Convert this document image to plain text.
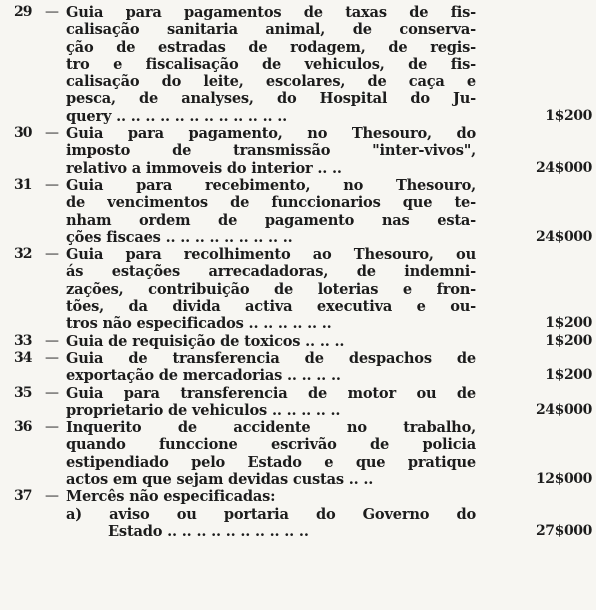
29 — Guia para pagamentos de taxas de fis-
calisação sanitaria animal, de conserva-
ção de estradas de rodagem, de regis-
tro e fiscalisação de vehiculos, de fis-
calisação do leite, escolares, de caça e
pesca, de analyses, do Hospital do Ju-
query .. .. .. .. .. .. .. .. .. .. .. ..	1$200
30 — Guia para pagamento, no Thesouro, do
imposto de transmissão "inter-vivos",
relativo a immoveis do interior .. ..	24$000
31 — Guia para recebimento, no Thesouro,
de vencimentos de funccionarios que te-
nham ordem de pagamento nas esta-
ções fiscaes .. .. .. .. .. .. .. .. ..	24$000
32 — Guia para recolhimento ao Thesouro, ou
ás estações arrecadadoras, de indemni-
zações, contribuição de loterias e fron-
tões, da divida activa executiva e ou-
tros não especificados .. .. .. .. .. ..	1$200
33 — Guia de requisição de toxicos .. .. ..	1$200
34 — Guia de transferencia de despachos de
exportação de mercadorias .. .. .. ..	1$200
35 — Guia para transferencia de motor ou de
proprietario de vehiculos .. .. .. .. ..	24$000
36 — Inquerito de accidente no trabalho,
quando funccione escrivão de policia
estipendiado pelo Estado e que pratique
actos em que sejam devidas custas .. ..	12$000
37 — Mercês não especificadas:
a) aviso ou portaria do Governo do
Estado .. .. .. .. .. .. .. .. .. ..	27$000
